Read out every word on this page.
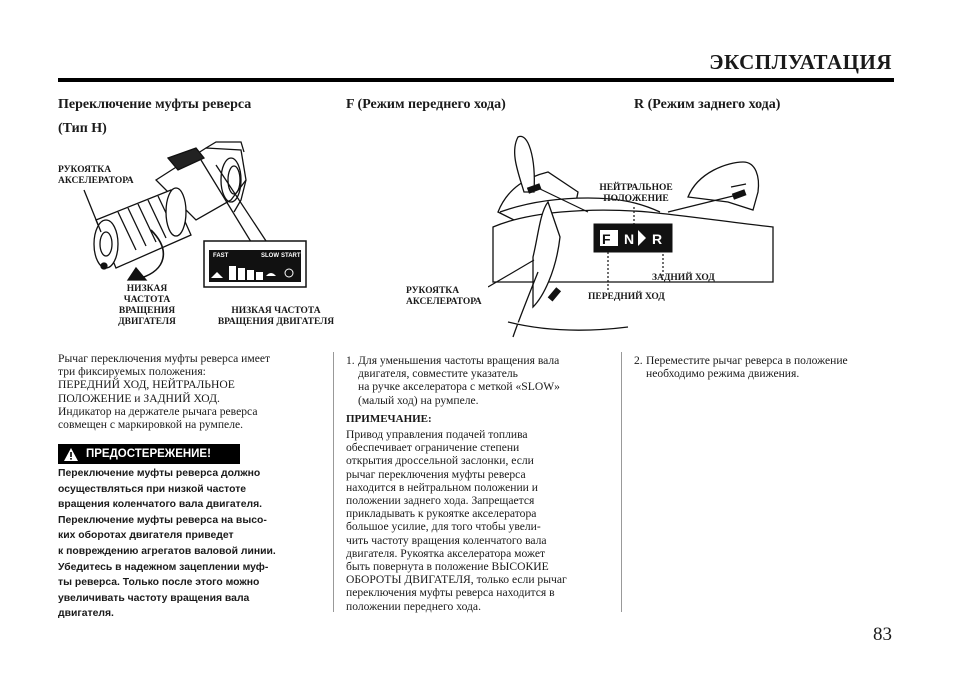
ЭКСПЛУАТАЦИЯ
Переключение муфты реверса
(Тип H)
F (Режим переднего хода)	R (Режим заднего хода)
FAST	SLOW START
РУКОЯТКА
АКСЕЛЕРАТОРА
НИЗКАЯ
ЧАСТОТА
ВРАЩЕНИЯ
ДВИГАТЕЛЯ
НИЗКАЯ ЧАСТОТА
ВРАЩЕНИЯ ДВИГАТЕЛЯ
F N R
НЕЙТРАЛЬНОЕ
ПОЛОЖЕНИЕ
ЗАДНИЙ ХОД
ПЕРЕДНИЙ ХОД
РУКОЯТКА
АКСЕЛЕРАТОРА
Рычаг переключения муфты реверса имеет
три фиксируемых положения:
ПЕРЕДНИЙ ХОД, НЕЙТРАЛЬНОЕ
ПОЛОЖЕНИЕ и ЗАДНИЙ ХОД.
Индикатор на держателе рычага реверса
совмещен с маркировкой на румпеле.
ПРЕДОСТЕРЕЖЕНИЕ!
Переключение муфты реверса должно
осуществляться при низкой частоте
вращения коленчатого вала двигателя.
Переключение муфты реверса на высо-
ких оборотах двигателя приведет
к повреждению агрегатов валовой линии.
Убедитесь в надежном зацеплении муф-
ты реверса. Только после этого можно
увеличивать частоту вращения вала
двигателя.
1. Для уменьшения частоты вращения вала
двигателя, совместите указатель
на ручке акселератора с меткой «SLOW»
(малый ход) на румпеле.
ПРИМЕЧАНИЕ:
Привод управления подачей топлива
обеспечивает ограничение степени
открытия дроссельной заслонки, если
рычаг переключения муфты реверса
находится в нейтральном положении и
положении заднего хода. Запрещается
прикладывать к рукоятке акселератора
большое усилие, для того чтобы увели-
чить частоту вращения коленчатого вала
двигателя. Рукоятка акселератора может
быть повернута в положение ВЫСОКИЕ
ОБОРОТЫ ДВИГАТЕЛЯ, только если рычаг
переключения муфты реверса находится в
положении переднего хода.
2. Переместите рычаг реверса в положение
необходимо режима движения.
83
